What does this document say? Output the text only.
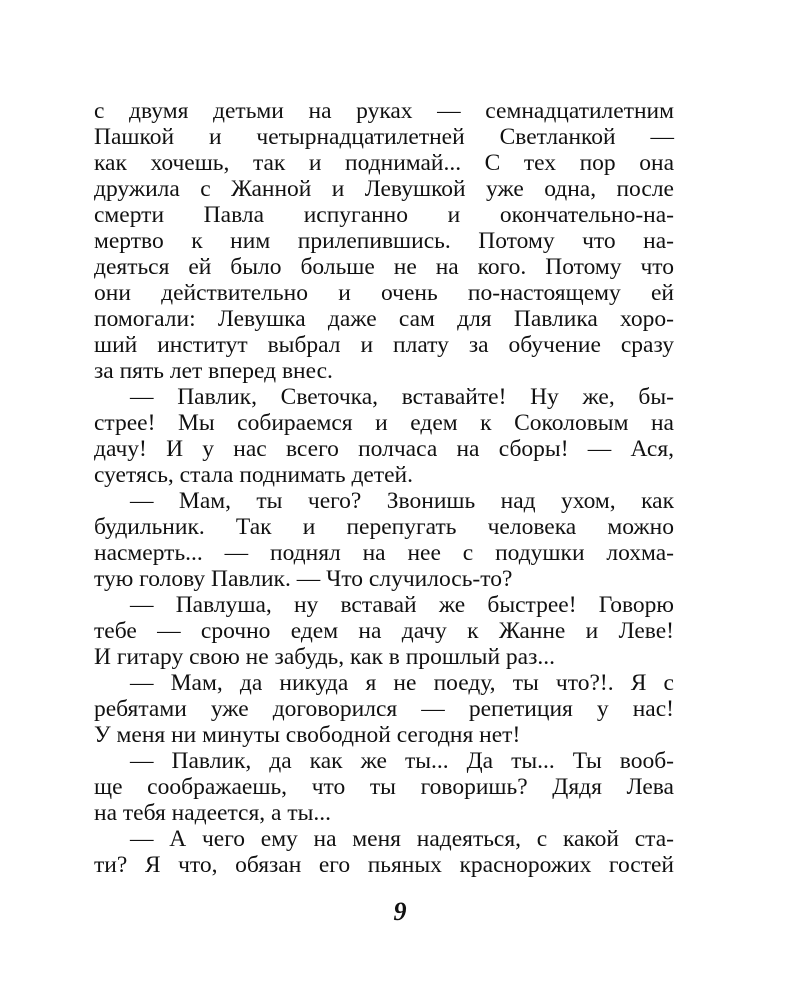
с двумя детьми на руках — семнадцатилетним
Пашкой и четырнадцатилетней Светланкой —
как хочешь, так и поднимай... С тех пор она
дружила с Жанной и Левушкой уже одна, после
смерти Павла испуганно и окончательно-на-
мертво к ним прилепившись. Потому что на-
деяться ей было больше не на кого. Потому что
они действительно и очень по-настоящему ей
помогали: Левушка даже сам для Павлика хоро-
ший институт выбрал и плату за обучение сразу
за пять лет вперед внес.
— Павлик, Светочка, вставайте! Ну же, бы-
стрее! Мы собираемся и едем к Соколовым на
дачу! И у нас всего полчаса на сборы! — Ася,
суетясь, стала поднимать детей.
— Мам, ты чего? Звонишь над ухом, как
будильник. Так и перепугать человека можно
насмерть... — поднял на нее с подушки лохма-
тую голову Павлик. — Что случилось-то?
— Павлуша, ну вставай же быстрее! Говорю
тебе — срочно едем на дачу к Жанне и Леве!
И гитару свою не забудь, как в прошлый раз...
— Мам, да никуда я не поеду, ты что?!. Я с
ребятами уже договорился — репетиция у нас!
У меня ни минуты свободной сегодня нет!
— Павлик, да как же ты... Да ты... Ты вооб-
ще соображаешь, что ты говоришь? Дядя Лева
на тебя надеется, а ты...
— А чего ему на меня надеяться, с какой ста-
ти? Я что, обязан его пьяных краснорожих гостей
9
